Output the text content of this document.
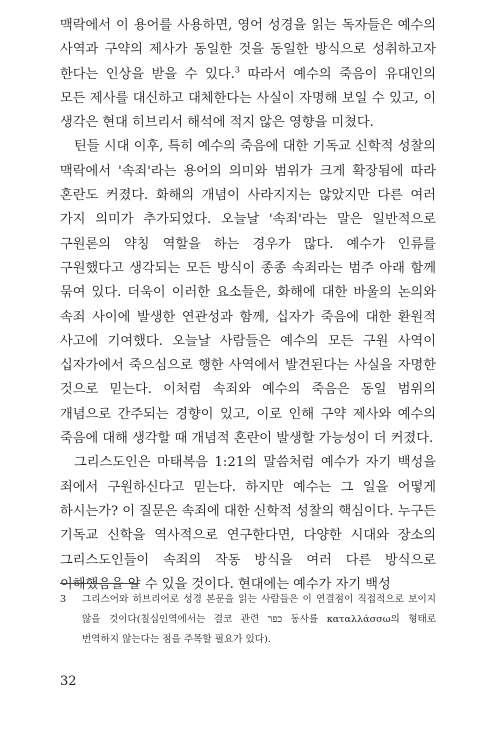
맥락에서 이 용어를 사용하면, 영어 성경을 읽는 독자들은 예수의 사역과 구약의 제사가 동일한 것을 동일한 방식으로 성취하고자 한다는 인상을 받을 수 있다.$^3$ 따라서 예수의 죽음이 유대인의 모든 제사를 대신하고 대체한다는 사실이 자명해 보일 수 있고, 이 생각은 현대 히브리서 해석에 적지 않은 영향을 미쳤다.

틴들 시대 이후, 특히 예수의 죽음에 대한 기독교 신학적 성찰의 맥락에서 '속죄'라는 용어의 의미와 범위가 크게 확장됨에 따라 혼란도 커졌다. 화해의 개념이 사라지지는 않았지만 다른 여러 가지 의미가 추가되었다. 오늘날 '속죄'라는 말은 일반적으로 구원론의 약칭 역할을 하는 경우가 많다. 예수가 인류를 구원했다고 생각되는 모든 방식이 종종 속죄라는 범주 아래 함께 묶여 있다. 더욱이 이러한 요소들은, 화해에 대한 바울의 논의와 속죄 사이에 발생한 연관성과 함께, 십자가 죽음에 대한 환원적 사고에 기여했다. 오늘날 사람들은 예수의 모든 구원 사역이 십자가에서 죽으심으로 행한 사역에서 발견된다는 사실을 자명한 것으로 믿는다. 이처럼 속죄와 예수의 죽음은 동일 범위의 개념으로 간주되는 경향이 있고, 이로 인해 구약 제사와 예수의 죽음에 대해 생각할 때 개념적 혼란이 발생할 가능성이 더 커졌다.

그리스도인은 마태복음 1:21의 말씀처럼 예수가 자기 백성을 죄에서 구원하신다고 믿는다. 하지만 예수는 그 일을 어떻게 하시는가? 이 질문은 속죄에 대한 신학적 성찰의 핵심이다. 누구든 기독교 신학을 역사적으로 연구한다면, 다양한 시대와 장소의 그리스도인들이 속죄의 작동 방식을 여러 다른 방식으로 이해했음을 알 수 있을 것이다. 현대에는 예수가 자기 백성

3	그리스어와 히브리어로 성경 본문을 읽는 사람들은 이 연결점이 직접적으로 보이지 않을 것이다(칠십인역에서는 결코 관련 כפר 동사를 καταλλάσσω의 형태로 번역하지 않는다는 점을 주목할 필요가 있다).
32
